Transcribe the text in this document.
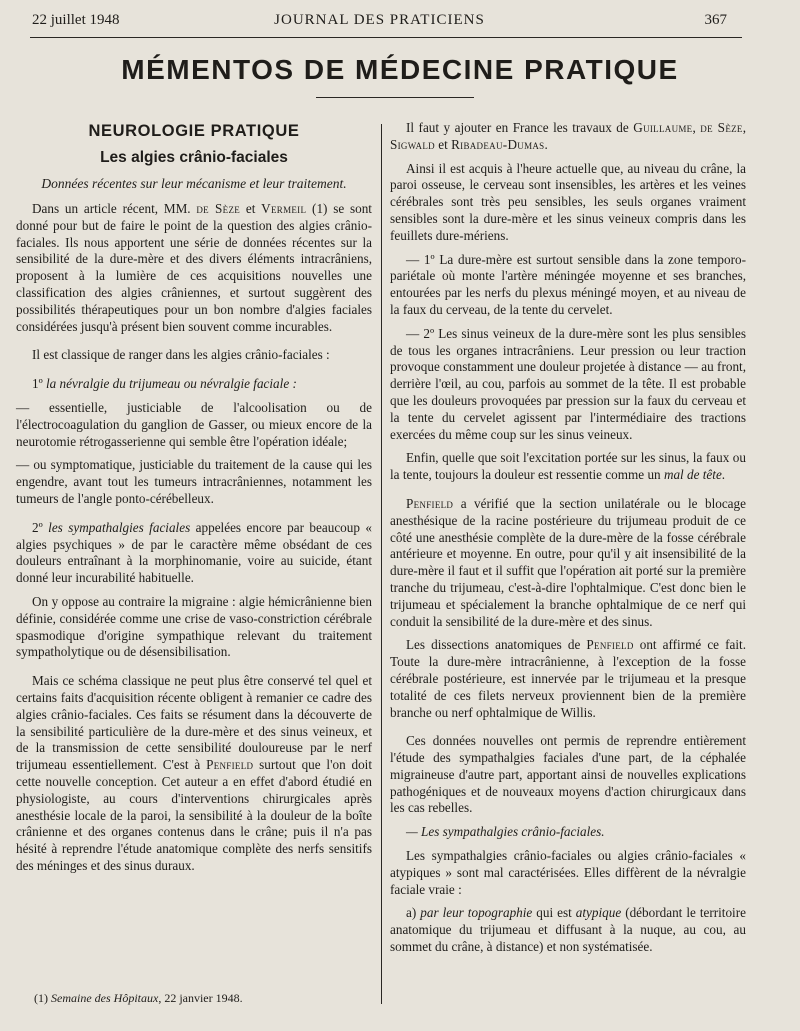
22 juillet 1948	JOURNAL DES PRATICIENS	367
MÉMENTOS DE MÉDECINE PRATIQUE
NEUROLOGIE PRATIQUE
Les algies crânio-faciales
Données récentes sur leur mécanisme et leur traitement.

Dans un article récent, MM. de Sèze et Vermeil (1) se sont donné pour but de faire le point de la question des algies crânio-faciales. Ils nous apportent une série de données récentes sur la sensibilité de la dure-mère et des divers éléments intracrâniens, proposent à la lumière de ces acquisitions nouvelles une classification des algies crâniennes, et surtout suggèrent des possibilités thérapeutiques pour un bon nombre d'algies faciales considérées jusqu'à présent bien souvent comme incurables.

Il est classique de ranger dans les algies crânio-faciales :

1º la névralgie du trijumeau ou névralgie faciale :

— essentielle, justiciable de l'alcoolisation ou de l'électrocoagulation du ganglion de Gasser, ou mieux encore de la neurotomie rétrogasserienne qui semble être l'opération idéale;

— ou symptomatique, justiciable du traitement de la cause qui les engendre, avant tout les tumeurs intracrâniennes, notamment les tumeurs de l'angle ponto-cérébelleux.

2º les sympathalgies faciales appelées encore par beaucoup « algies psychiques » de par le caractère même obsédant de ces douleurs entraînant à la morphinomanie, voire au suicide, étant donné leur incurabilité habituelle.

On y oppose au contraire la migraine : algie hémicrânienne bien définie, considérée comme une crise de vaso-constriction cérébrale spasmodique d'origine sympathique relevant du traitement sympatholytique ou de désensibilisation.

Mais ce schéma classique ne peut plus être conservé tel quel et certains faits d'acquisition récente obligent à remanier ce cadre des algies crânio-faciales. Ces faits se résument dans la découverte de la sensibilité particulière de la dure-mère et des sinus veineux, et de la transmission de cette sensibilité douloureuse par le nerf trijumeau essentiellement. C'est à Penfield surtout que l'on doit cette nouvelle conception. Cet auteur a en effet d'abord étudié en physiologiste, au cours d'interventions chirurgicales après anesthésie locale de la paroi, la sensibilité à la douleur de la boîte crânienne et des organes contenus dans le crâne; puis il n'a pas hésité à reprendre l'étude anatomique complète des nerfs sensitifs des méninges et des sinus duraux.

Il faut y ajouter en France les travaux de Guillaume, de Sèze, Sigwald et Ribadeau-Dumas.

Ainsi il est acquis à l'heure actuelle que, au niveau du crâne, la paroi osseuse, le cerveau sont insensibles, les artères et les veines cérébrales sont très peu sensibles, les seuls organes vraiment sensibles sont la dure-mère et les sinus veineux compris dans les feuillets dure-mériens.

— 1º La dure-mère est surtout sensible dans la zone temporo-pariétale où monte l'artère méningée moyenne et ses branches, entourées par les nerfs du plexus méningé moyen, et au niveau de la faux du cerveau, de la tente du cervelet.

— 2º Les sinus veineux de la dure-mère sont les plus sensibles de tous les organes intracrâniens. Leur pression ou leur traction provoque constamment une douleur projetée à distance — au front, derrière l'œil, au cou, parfois au sommet de la tête. Il est probable que les douleurs provoquées par pression sur la faux du cerveau et la tente du cervelet agissent par l'intermédiaire des tractions exercées du même coup sur les sinus veineux.

Enfin, quelle que soit l'excitation portée sur les sinus, la faux ou la tente, toujours la douleur est ressentie comme un mal de tête.

Penfield a vérifié que la section unilatérale ou le blocage anesthésique de la racine postérieure du trijumeau produit de ce côté une anesthésie complète de la dure-mère de la fosse cérébrale antérieure et moyenne. En outre, pour qu'il y ait insensibilité de la dure-mère il faut et il suffit que l'opération ait porté sur la première tranche du trijumeau, c'est-à-dire l'ophtalmique. C'est donc bien le trijumeau et spécialement la branche ophtalmique de ce nerf qui conduit la sensibilité de la dure-mère et des sinus.

Les dissections anatomiques de Penfield ont affirmé ce fait. Toute la dure-mère intracrânienne, à l'exception de la fosse cérébrale postérieure, est innervée par le trijumeau et la presque totalité de ces filets nerveux proviennent bien de la première branche ou nerf ophtalmique de Willis.

Ces données nouvelles ont permis de reprendre entièrement l'étude des sympathalgies faciales d'une part, de la céphalée migraineuse d'autre part, apportant ainsi de nouvelles explications pathogéniques et de nouveaux moyens d'action chirurgicaux dans les cas rebelles.

— Les sympathalgies crânio-faciales.

Les sympathalgies crânio-faciales ou algies crânio-faciales « atypiques » sont mal caractérisées. Elles diffèrent de la névralgie faciale vraie :

a) par leur topographie qui est atypique (débordant le territoire anatomique du trijumeau et diffusant à la nuque, au cou, au sommet du crâne, à distance) et non systématisée.

(1) Semaine des Hôpitaux, 22 janvier 1948.
